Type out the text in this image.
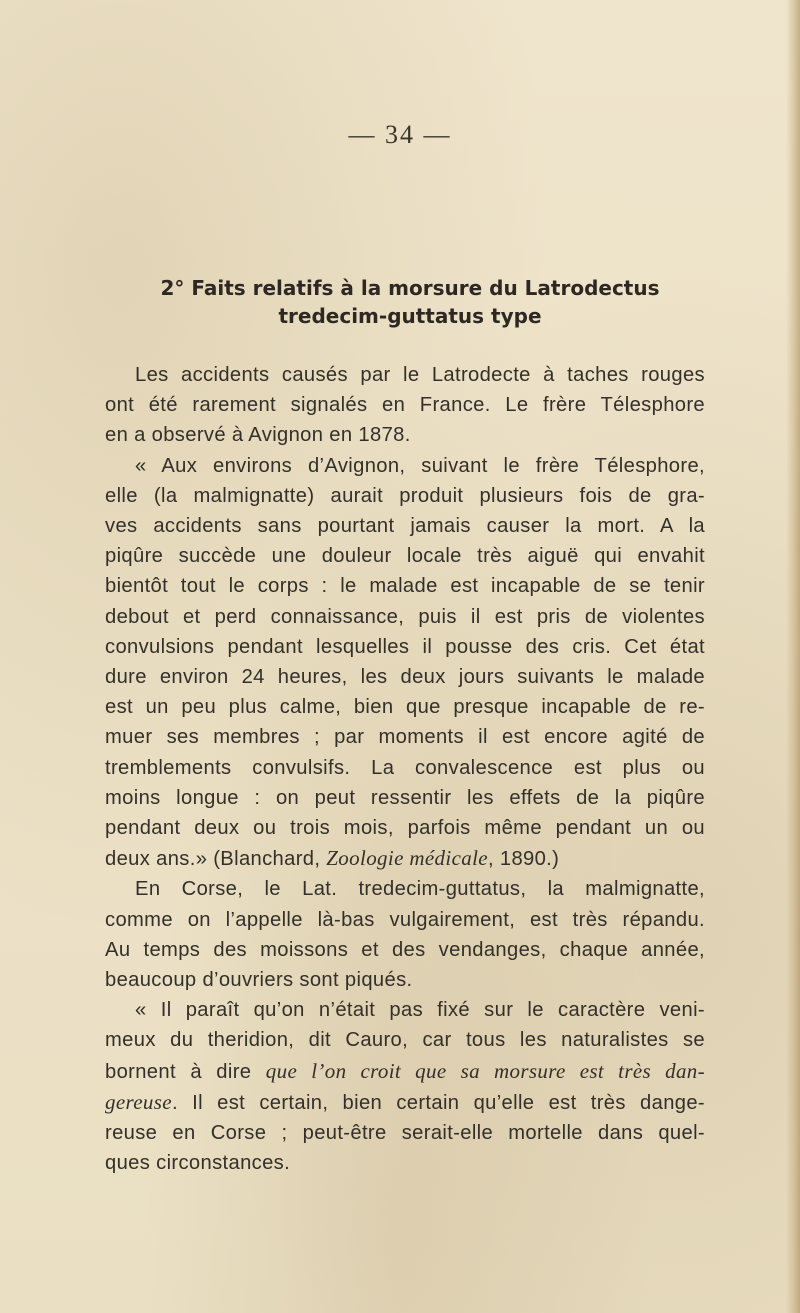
— 34 —
2° Faits relatifs à la morsure du Latrodectus
tredecim-guttatus type
Les accidents causés par le Latrodecte à taches rouges
ont été rarement signalés en France. Le frère Télesphore
en a observé à Avignon en 1878.
« Aux environs d’Avignon, suivant le frère Télesphore,
elle (la malmignatte) aurait produit plusieurs fois de gra-
ves accidents sans pourtant jamais causer la mort. A la
piqûre succède une douleur locale très aiguë qui envahit
bientôt tout le corps : le malade est incapable de se tenir
debout et perd connaissance, puis il est pris de violentes
convulsions pendant lesquelles il pousse des cris. Cet état
dure environ 24 heures, les deux jours suivants le malade
est un peu plus calme, bien que presque incapable de re-
muer ses membres ; par moments il est encore agité de
tremblements convulsifs. La convalescence est plus ou
moins longue : on peut ressentir les effets de la piqûre
pendant deux ou trois mois, parfois même pendant un ou
deux ans.» (Blanchard, Zoologie médicale, 1890.)
En Corse, le Lat. tredecim-guttatus, la malmignatte,
comme on l’appelle là-bas vulgairement, est très répandu.
Au temps des moissons et des vendanges, chaque année,
beaucoup d’ouvriers sont piqués.
« Il paraît qu’on n’était pas fixé sur le caractère veni-
meux du theridion, dit Cauro, car tous les naturalistes se
bornent à dire que l’on croit que sa morsure est très dan-
gereuse. Il est certain, bien certain qu’elle est très dange-
reuse en Corse ; peut-être serait-elle mortelle dans quel-
ques circonstances.
